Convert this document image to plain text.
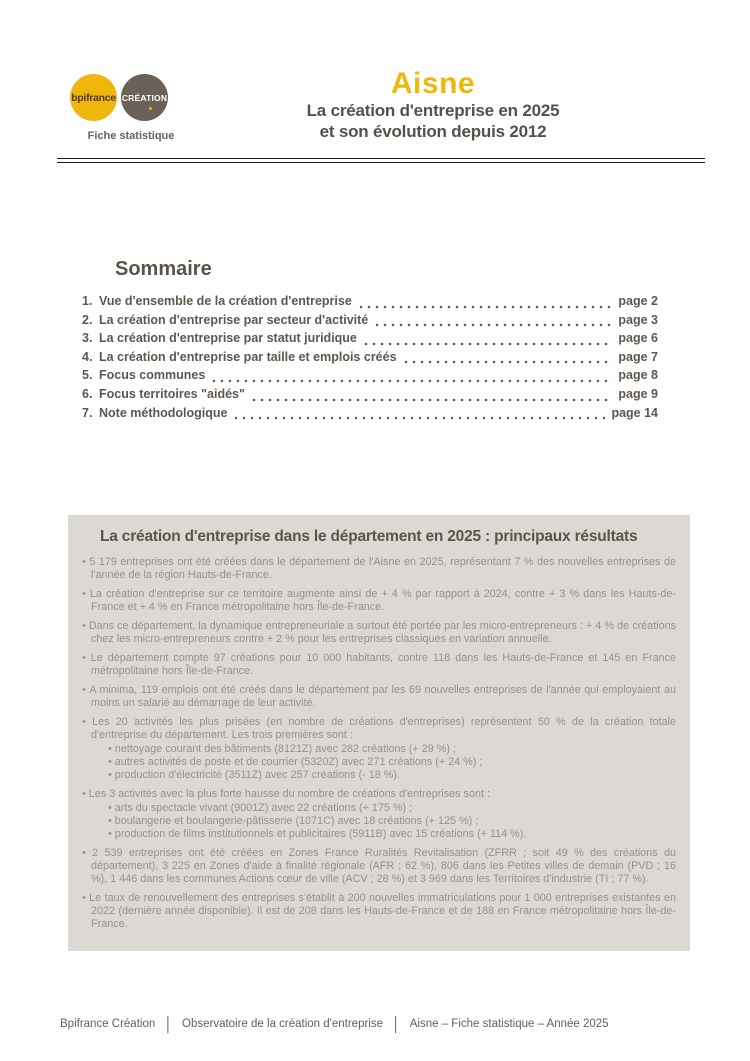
bpifrance CRÉATION
Fiche statistique
Aisne
La création d'entreprise en 2025
et son évolution depuis 2012
Sommaire
1. Vue d'ensemble de la création d'entreprise	page 2
2. La création d'entreprise par secteur d'activité	page 3
3. La création d'entreprise par statut juridique	page 6
4. La création d'entreprise par taille et emplois créés	page 7
5. Focus communes	page 8
6. Focus territoires "aidés"	page 9
7. Note méthodologique	page 14
La création d'entreprise dans le département en 2025 : principaux résultats

• 5 179 entreprises ont été créées dans le département de l'Aisne en 2025, représentant 7 % des nouvelles entreprises de l'année de la région Hauts-de-France.

• La création d'entreprise sur ce territoire augmente ainsi de + 4 % par rapport à 2024, contre + 3 % dans les Hauts-de-France et + 4 % en France métropolitaine hors Île-de-France.

• Dans ce département, la dynamique entrepreneuriale a surtout été portée par les micro-entrepreneurs : + 4 % de créations chez les micro-entrepreneurs contre + 2 % pour les entreprises classiques en variation annuelle.

• Le département compte 97 créations pour 10 000 habitants, contre 118 dans les Hauts-de-France et 145 en France métropolitaine hors Île-de-France.

• A minima, 119 emplois ont été créés dans le département par les 69 nouvelles entreprises de l'année qui employaient au moins un salarié au démarrage de leur activité.

• Les 20 activités les plus prisées (en nombre de créations d'entreprises) représentent 50 % de la création totale d'entreprise du département. Les trois premières sont :

• nettoyage courant des bâtiments (8121Z) avec 282 créations (+ 29 %) ;
• autres activités de poste et de courrier (5320Z) avec 271 créations (+ 24 %) ;
• production d'électricité (3511Z) avec 257 créations (- 18 %).

• Les 3 activités avec la plus forte hausse du nombre de créations d'entreprises sont :

• arts du spectacle vivant (9001Z) avec 22 créations (+ 175 %) ;
• boulangerie et boulangerie-pâtisserie (1071C) avec 18 créations (+ 125 %) ;
• production de films institutionnels et publicitaires (5911B) avec 15 créations (+ 114 %).

• 2 539 entreprises ont été créées en Zones France Ruralités Revitalisation (ZFRR ; soit 49 % des créations du département), 3 225 en Zones d'aide à finalité régionale (AFR ; 62 %), 806 dans les Petites villes de demain (PVD ; 16 %), 1 446 dans les communes Actions cœur de ville (ACV ; 28 %) et 3 969 dans les Territoires d'industrie (TI ; 77 %).

• Le taux de renouvellement des entreprises s'établit à 200 nouvelles immatriculations pour 1 000 entreprises existantes en 2022 (dernière année disponible). Il est de 208 dans les Hauts-de-France et de 188 en France métropolitaine hors Île-de-France.

Bpifrance Création │ Observatoire de la création d'entreprise │ Aisne – Fiche statistique – Année 2025
